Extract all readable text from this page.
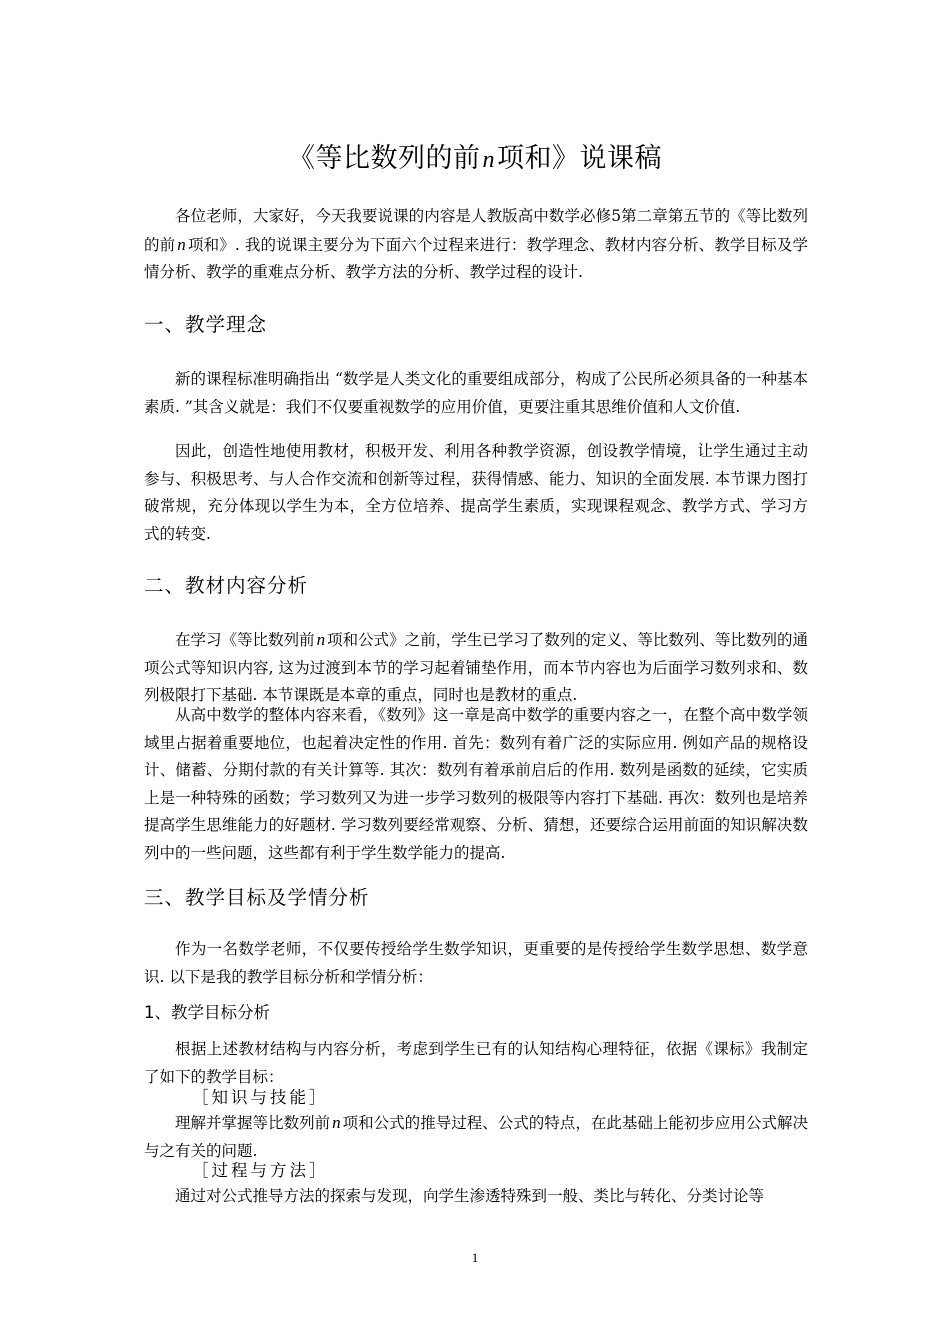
《等比数列的前n项和》说课稿
各位老师，大家好，今天我要说课的内容是人教版高中数学必修5第二章第五节的《等比数列的前 n 项和》. 我的说课主要分为下面六个过程来进行：教学理念、教材内容分析、教学目标及学情分析、教学的重难点分析、教学方法的分析、教学过程的设计.
一、教学理念
新的课程标准明确指出 “数学是人类文化的重要组成部分，构成了公民所必须具备的一种基本素质. ”其含义就是：我们不仅要重视数学的应用价值，更要注重其思维价值和人文价值.
因此，创造性地使用教材，积极开发、利用各种教学资源，创设教学情境，让学生通过主动参与、积极思考、与人合作交流和创新等过程，获得情感、能力、知识的全面发展. 本节课力图打破常规，充分体现以学生为本，全方位培养、提高学生素质，实现课程观念、教学方式、学习方式的转变.
二、教材内容分析
在学习《等比数列前 n 项和公式》之前，学生已学习了数列的定义、等比数列、等比数列的通项公式等知识内容, 这为过渡到本节的学习起着铺垫作用，而本节内容也为后面学习数列求和、数列极限打下基础. 本节课既是本章的重点，同时也是教材的重点.
从高中数学的整体内容来看，《数列》这一章是高中数学的重要内容之一，在整个高中数学领域里占据着重要地位，也起着决定性的作用. 首先：数列有着广泛的实际应用. 例如产品的规格设计、储蓄、分期付款的有关计算等. 其次：数列有着承前启后的作用. 数列是函数的延续，它实质上是一种特殊的函数；学习数列又为进一步学习数列的极限等内容打下基础. 再次：数列也是培养提高学生思维能力的好题材. 学习数列要经常观察、分析、猜想，还要综合运用前面的知识解决数列中的一些问题，这些都有利于学生数学能力的提高.
三、教学目标及学情分析
作为一名数学老师，不仅要传授给学生数学知识，更重要的是传授给学生数学思想、数学意识. 以下是我的教学目标分析和学情分析：
1、教学目标分析
根据上述教材结构与内容分析，考虑到学生已有的认知结构心理特征，依据《课标》我制定了如下的教学目标：
［知识与技能］
理解并掌握等比数列前 n 项和公式的推导过程、公式的特点，在此基础上能初步应用公式解决与之有关的问题.
［过程与方法］
通过对公式推导方法的探索与发现，向学生渗透特殊到一般、类比与转化、分类讨论等
1
